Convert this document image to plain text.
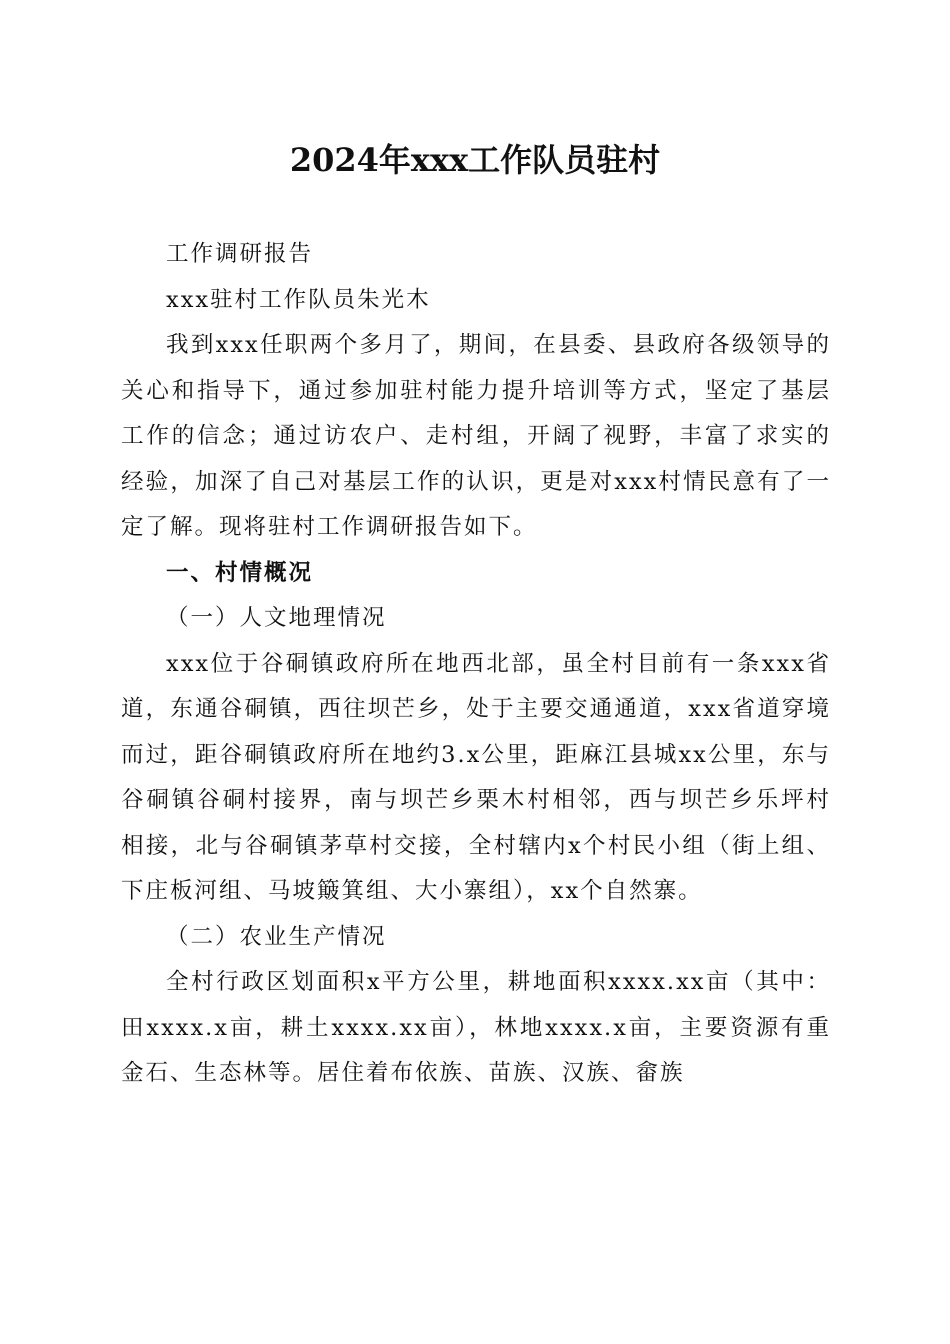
2024年xxx工作队员驻村

工作调研报告

xxx驻村工作队员朱光木

我到xxx任职两个多月了，期间，在县委、县政府各级领导的关心和指导下，通过参加驻村能力提升培训等方式，坚定了基层工作的信念；通过访农户、走村组，开阔了视野，丰富了求实的经验，加深了自己对基层工作的认识，更是对xxx村情民意有了一定了解。现将驻村工作调研报告如下。

一、村情概况

（一）人文地理情况

xxx位于谷硐镇政府所在地西北部，虽全村目前有一条xxx省道，东通谷硐镇，西往坝芒乡，处于主要交通通道，xxx省道穿境而过，距谷硐镇政府所在地约3.x公里，距麻江县城xx公里，东与谷硐镇谷硐村接界，南与坝芒乡栗木村相邻，西与坝芒乡乐坪村相接，北与谷硐镇茅草村交接，全村辖内x个村民小组（街上组、下庄板河组、马坡簸箕组、大小寨组），xx个自然寨。

（二）农业生产情况

全村行政区划面积x平方公里，耕地面积xxxx.xx亩（其中：田xxxx.x亩，耕土xxxx.xx亩），林地xxxx.x亩，主要资源有重金石、生态林等。居住着布依族、苗族、汉族、畲族
